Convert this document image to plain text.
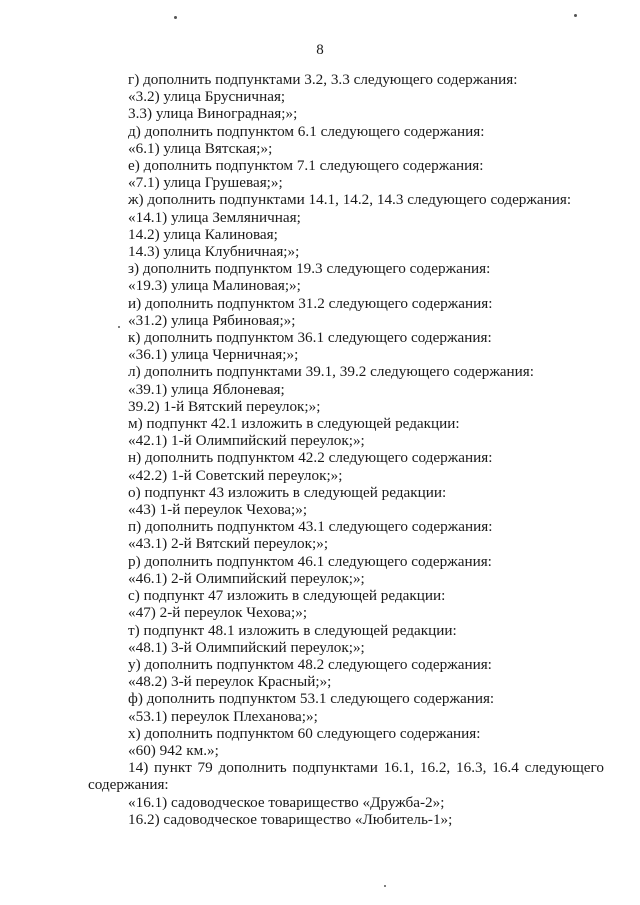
8
г) дополнить подпунктами 3.2, 3.3 следующего содержания:
«3.2) улица Брусничная;
3.3) улица Виноградная;»;
д) дополнить подпунктом 6.1 следующего содержания:
«6.1) улица Вятская;»;
е) дополнить подпунктом 7.1 следующего содержания:
«7.1) улица Грушевая;»;
ж) дополнить подпунктами 14.1, 14.2, 14.3 следующего содержания:
«14.1) улица Земляничная;
14.2) улица Калиновая;
14.3) улица Клубничная;»;
з) дополнить подпунктом 19.3 следующего содержания:
«19.3) улица Малиновая;»;
и) дополнить подпунктом 31.2 следующего содержания:
«31.2) улица Рябиновая;»;
к) дополнить подпунктом 36.1 следующего содержания:
«36.1) улица Черничная;»;
л) дополнить подпунктами 39.1, 39.2 следующего содержания:
«39.1) улица Яблоневая;
39.2) 1-й Вятский переулок;»;
м) подпункт 42.1 изложить в следующей редакции:
«42.1) 1-й Олимпийский переулок;»;
н) дополнить подпунктом 42.2 следующего содержания:
«42.2) 1-й Советский переулок;»;
о) подпункт 43 изложить в следующей редакции:
«43) 1-й переулок Чехова;»;
п) дополнить подпунктом 43.1 следующего содержания:
«43.1) 2-й Вятский переулок;»;
р) дополнить подпунктом 46.1 следующего содержания:
«46.1) 2-й Олимпийский переулок;»;
с) подпункт 47 изложить в следующей редакции:
«47) 2-й переулок Чехова;»;
т) подпункт 48.1 изложить в следующей редакции:
«48.1) 3-й Олимпийский переулок;»;
у) дополнить подпунктом 48.2 следующего содержания:
«48.2) 3-й переулок Красный;»;
ф) дополнить подпунктом 53.1 следующего содержания:
«53.1) переулок Плеханова;»;
х) дополнить подпунктом 60 следующего содержания:
«60) 942 км.»;
14) пункт 79 дополнить подпунктами 16.1, 16.2, 16.3, 16.4 следующего
содержания:
«16.1) садоводческое товарищество «Дружба-2»;
16.2) садоводческое товарищество «Любитель-1»;
